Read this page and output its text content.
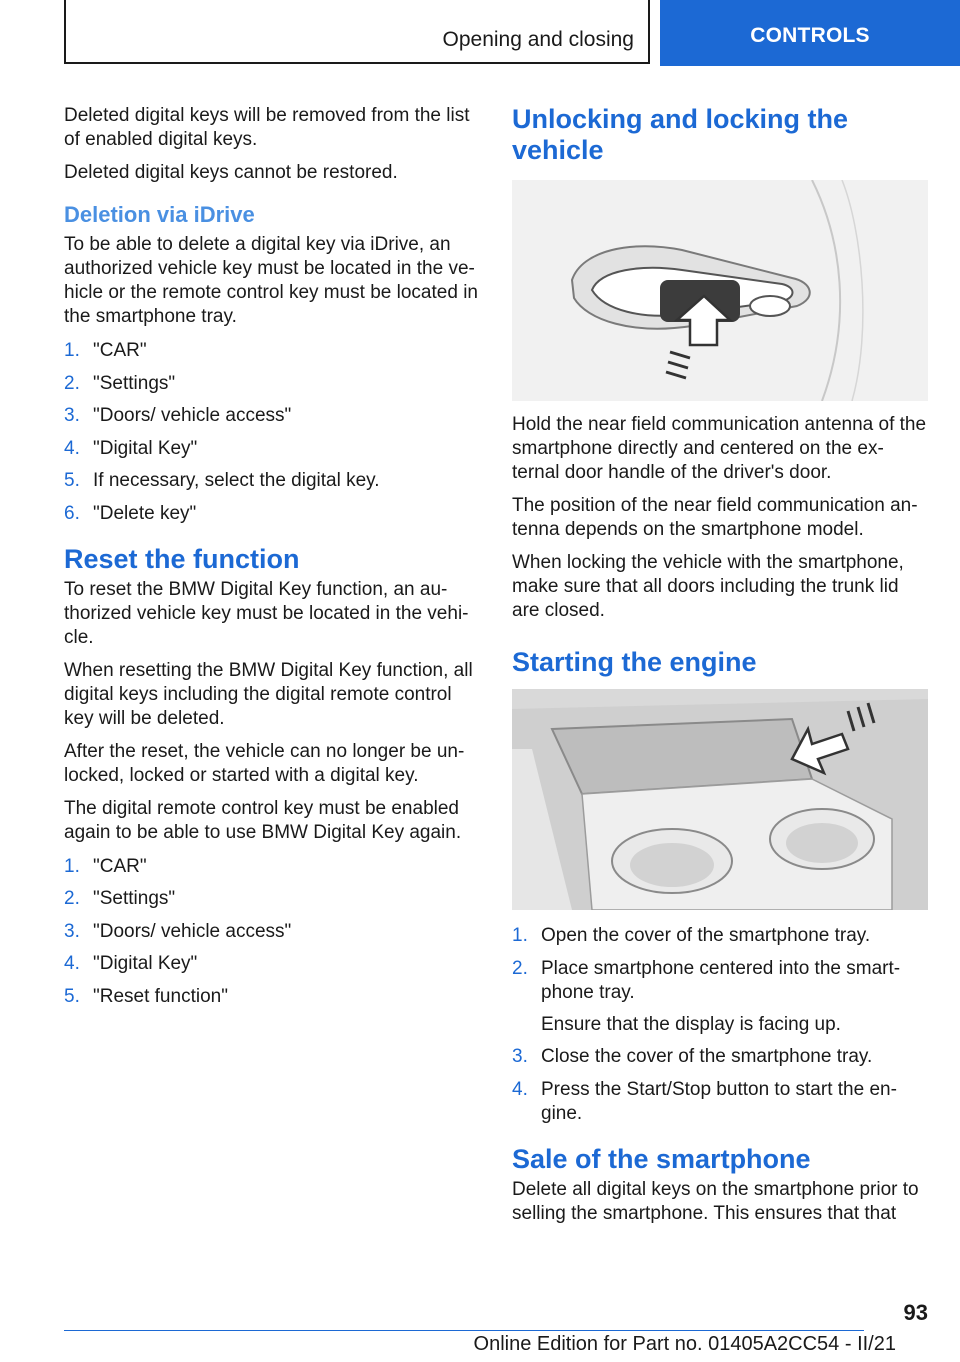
Opening and closing	CONTROLS

Deleted digital keys will be removed from the list of enabled digital keys.

Deleted digital keys cannot be restored.

Deletion via iDrive

To be able to delete a digital key via iDrive, an authorized vehicle key must be located in the ve-hicle or the remote control key must be located in the smartphone tray.

1. "CAR"
2. "Settings"
3. "Doors/ vehicle access"
4. "Digital Key"
5. If necessary, select the digital key.
6. "Delete key"
Reset the function

To reset the BMW Digital Key function, an au-thorized vehicle key must be located in the vehi-cle.

When resetting the BMW Digital Key function, all digital keys including the digital remote control key will be deleted.

After the reset, the vehicle can no longer be un-locked, locked or started with a digital key.

The digital remote control key must be enabled again to be able to use BMW Digital Key again.

1. "CAR"
2. "Settings"
3. "Doors/ vehicle access"
4. "Digital Key"
5. "Reset function"
Unlocking and locking the vehicle

Hold the near field communication antenna of the smartphone directly and centered on the ex-ternal door handle of the driver's door.

The position of the near field communication an-tenna depends on the smartphone model.

When locking the vehicle with the smartphone, make sure that all doors including the trunk lid are closed.

Starting the engine
1. Open the cover of the smartphone tray.
2. Place smartphone centered into the smart-phone tray.
Ensure that the display is facing up.
3. Close the cover of the smartphone tray.
4. Press the Start/Stop button to start the en-gine.
Sale of the smartphone

Delete all digital keys on the smartphone prior to selling the smartphone. This ensures that that

93
Online Edition for Part no. 01405A2CC54 - II/21
